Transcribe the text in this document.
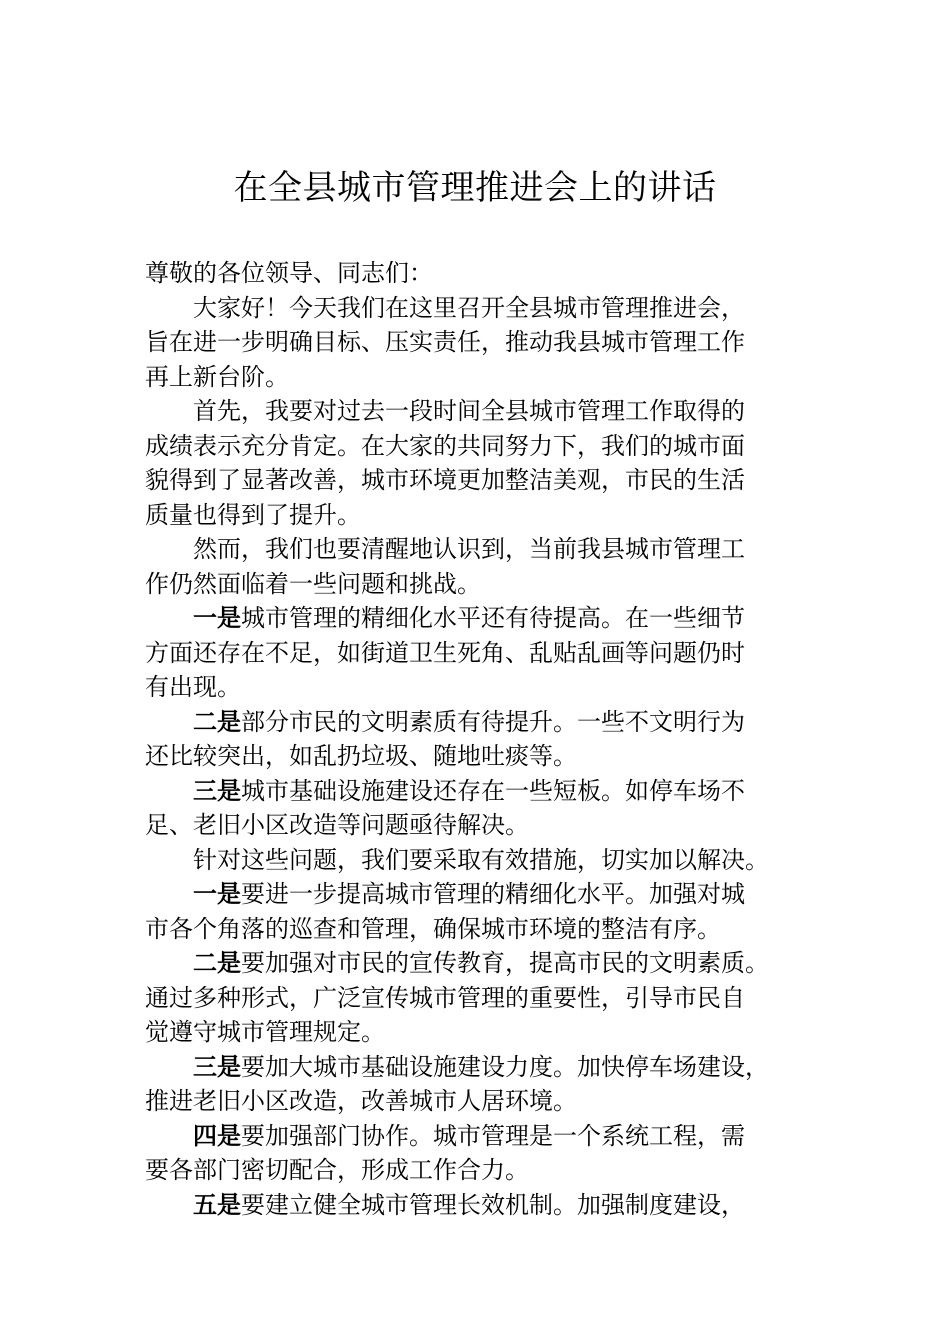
在全县城市管理推进会上的讲话

尊敬的各位领导、同志们：

大家好！今天我们在这里召开全县城市管理推进会，
旨在进一步明确目标、压实责任，推动我县城市管理工作
再上新台阶。

首先，我要对过去一段时间全县城市管理工作取得的
成绩表示充分肯定。在大家的共同努力下，我们的城市面
貌得到了显著改善，城市环境更加整洁美观，市民的生活
质量也得到了提升。

然而，我们也要清醒地认识到，当前我县城市管理工
作仍然面临着一些问题和挑战。

一是城市管理的精细化水平还有待提高。在一些细节
方面还存在不足，如街道卫生死角、乱贴乱画等问题仍时
有出现。

二是部分市民的文明素质有待提升。一些不文明行为
还比较突出，如乱扔垃圾、随地吐痰等。

三是城市基础设施建设还存在一些短板。如停车场不
足、老旧小区改造等问题亟待解决。

针对这些问题，我们要采取有效措施，切实加以解决。

一是要进一步提高城市管理的精细化水平。加强对城
市各个角落的巡查和管理，确保城市环境的整洁有序。

二是要加强对市民的宣传教育，提高市民的文明素质。
通过多种形式，广泛宣传城市管理的重要性，引导市民自
觉遵守城市管理规定。

三是要加大城市基础设施建设力度。加快停车场建设，
推进老旧小区改造，改善城市人居环境。

四是要加强部门协作。城市管理是一个系统工程，需
要各部门密切配合，形成工作合力。

五是要建立健全城市管理长效机制。加强制度建设，
